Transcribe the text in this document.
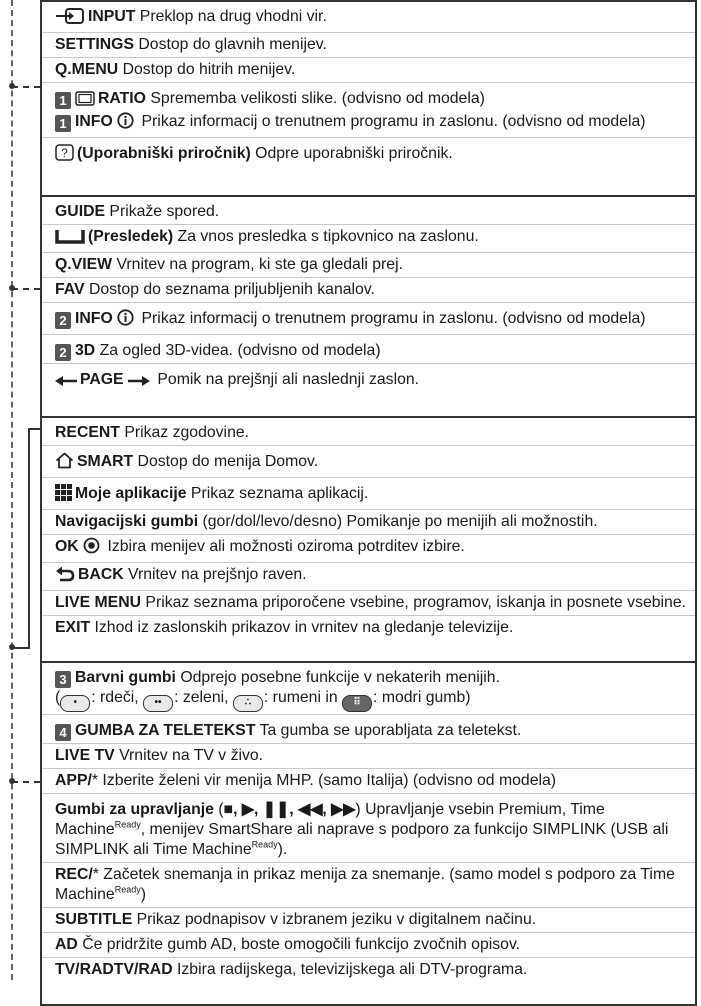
INPUT Preklop na drug vhodni vir.
SETTINGS Dostop do glavnih menijev.
Q.MENU Dostop do hitrih menijev.
1 RATIO Sprememba velikosti slike. (odvisno od modela)
1 INFO  Prikaz informacij o trenutnem programu in zaslonu. (odvisno od modela)
? (Uporabniški priročnik) Odpre uporabniški priročnik.
GUIDE Prikaže spored.
(Presledek) Za vnos presledka s tipkovnico na zaslonu.
Q.VIEW Vrnitev na program, ki ste ga gledali prej.
FAV Dostop do seznama priljubljenih kanalov.
2 INFO  Prikaz informacij o trenutnem programu in zaslonu. (odvisno od modela)
2 3D Za ogled 3D-videa. (odvisno od modela)
PAGE  Pomik na prejšnji ali naslednji zaslon.
RECENT Prikaz zgodovine.
SMART Dostop do menija Domov.
Moje aplikacije Prikaz seznama aplikacij.
Navigacijski gumbi (gor/dol/levo/desno) Pomikanje po menijih ali možnostih.
OK  Izbira menijev ali možnosti oziroma potrditev izbire.
BACK Vrnitev na prejšnjo raven.
LIVE MENU Prikaz seznama priporočene vsebine, programov, iskanja in posnete vsebine.
EXIT Izhod iz zaslonskih prikazov in vrnitev na gledanje televizije.
3 Barvni gumbi Odprejo posebne funkcije v nekaterih menijih.
( • : rdeči, •• : zeleni, ∴ : rumeni in ⠿ : modri gumb)
4 GUMBA ZA TELETEKST Ta gumba se uporabljata za teletekst.
LIVE TV Vrnitev na TV v živo.
APP/* Izberite želeni vir menija MHP. (samo Italija) (odvisno od modela)
Gumbi za upravljanje (■, ▶, ❚❚, ◀◀, ▶▶) Upravljanje vsebin Premium, Time Machine$^{Ready}$, menijev SmartShare ali naprave s podporo za funkcijo SIMPLINK (USB ali SIMPLINK ali Time Machine$^{Ready}$).
REC/* Začetek snemanja in prikaz menija za snemanje. (samo model s podporo za Time Machine$^{Ready}$)
SUBTITLE Prikaz podnapisov v izbranem jeziku v digitalnem načinu.
AD Če pridržite gumb AD, boste omogočili funkcijo zvočnih opisov.
TV/RADTV/RAD Izbira radijskega, televizijskega ali DTV-programa.
